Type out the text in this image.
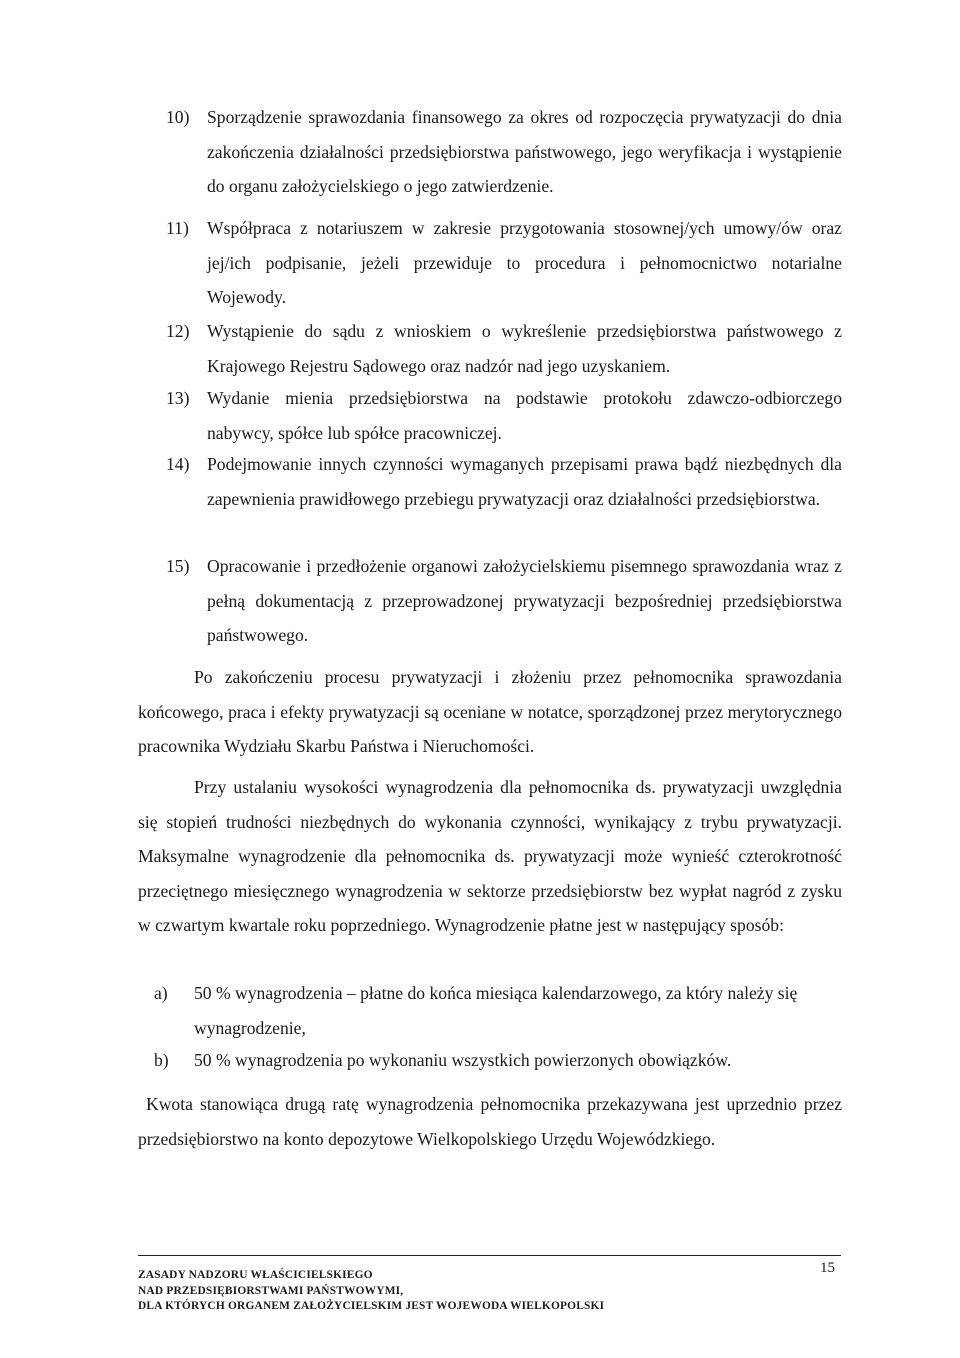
10) Sporządzenie sprawozdania finansowego za okres od rozpoczęcia prywatyzacji do dnia zakończenia działalności przedsiębiorstwa państwowego, jego weryfikacja i wystąpienie do organu założycielskiego o jego zatwierdzenie.
11) Współpraca z notariuszem w zakresie przygotowania stosownej/ych umowy/ów oraz jej/ich podpisanie, jeżeli przewiduje to procedura i pełnomocnictwo notarialne Wojewody.
12) Wystąpienie do sądu z wnioskiem o wykreślenie przedsiębiorstwa państwowego z Krajowego Rejestru Sądowego oraz nadzór nad jego uzyskaniem.
13) Wydanie mienia przedsiębiorstwa na podstawie protokołu zdawczo-odbiorczego nabywcy, spółce lub spółce pracowniczej.
14) Podejmowanie innych czynności wymaganych przepisami prawa bądź niezbędnych dla zapewnienia prawidłowego przebiegu prywatyzacji oraz działalności przedsiębiorstwa.
15) Opracowanie i przedłożenie organowi założycielskiemu pisemnego sprawozdania wraz z pełną dokumentacją z przeprowadzonej prywatyzacji bezpośredniej przedsiębiorstwa państwowego.

Po zakończeniu procesu prywatyzacji i złożeniu przez pełnomocnika sprawozdania końcowego, praca i efekty prywatyzacji są oceniane w notatce, sporządzonej przez merytorycznego pracownika Wydziału Skarbu Państwa i Nieruchomości.

Przy ustalaniu wysokości wynagrodzenia dla pełnomocnika ds. prywatyzacji uwzględnia się stopień trudności niezbędnych do wykonania czynności, wynikający z trybu prywatyzacji. Maksymalne wynagrodzenie dla pełnomocnika ds. prywatyzacji może wynieść czterokrotność przeciętnego miesięcznego wynagrodzenia w sektorze przedsiębiorstw bez wypłat nagród z zysku w czwartym kwartale roku poprzedniego. Wynagrodzenie płatne jest w następujący sposób:

a) 50 % wynagrodzenia – płatne do końca miesiąca kalendarzowego, za który należy się wynagrodzenie,
b) 50 % wynagrodzenia po wykonaniu wszystkich powierzonych obowiązków.

Kwota stanowiąca drugą ratę wynagrodzenia pełnomocnika przekazywana jest uprzednio przez przedsiębiorstwo na konto depozytowe Wielkopolskiego Urzędu Wojewódzkiego.

15
ZASADY NADZORU WŁAŚCICIELSKIEGO
NAD PRZEDSIĘBIORSTWAMI PAŃSTWOWYMI,
DLA KTÓRYCH ORGANEM ZAŁOŻYCIELSKIM JEST WOJEWODA WIELKOPOLSKI
